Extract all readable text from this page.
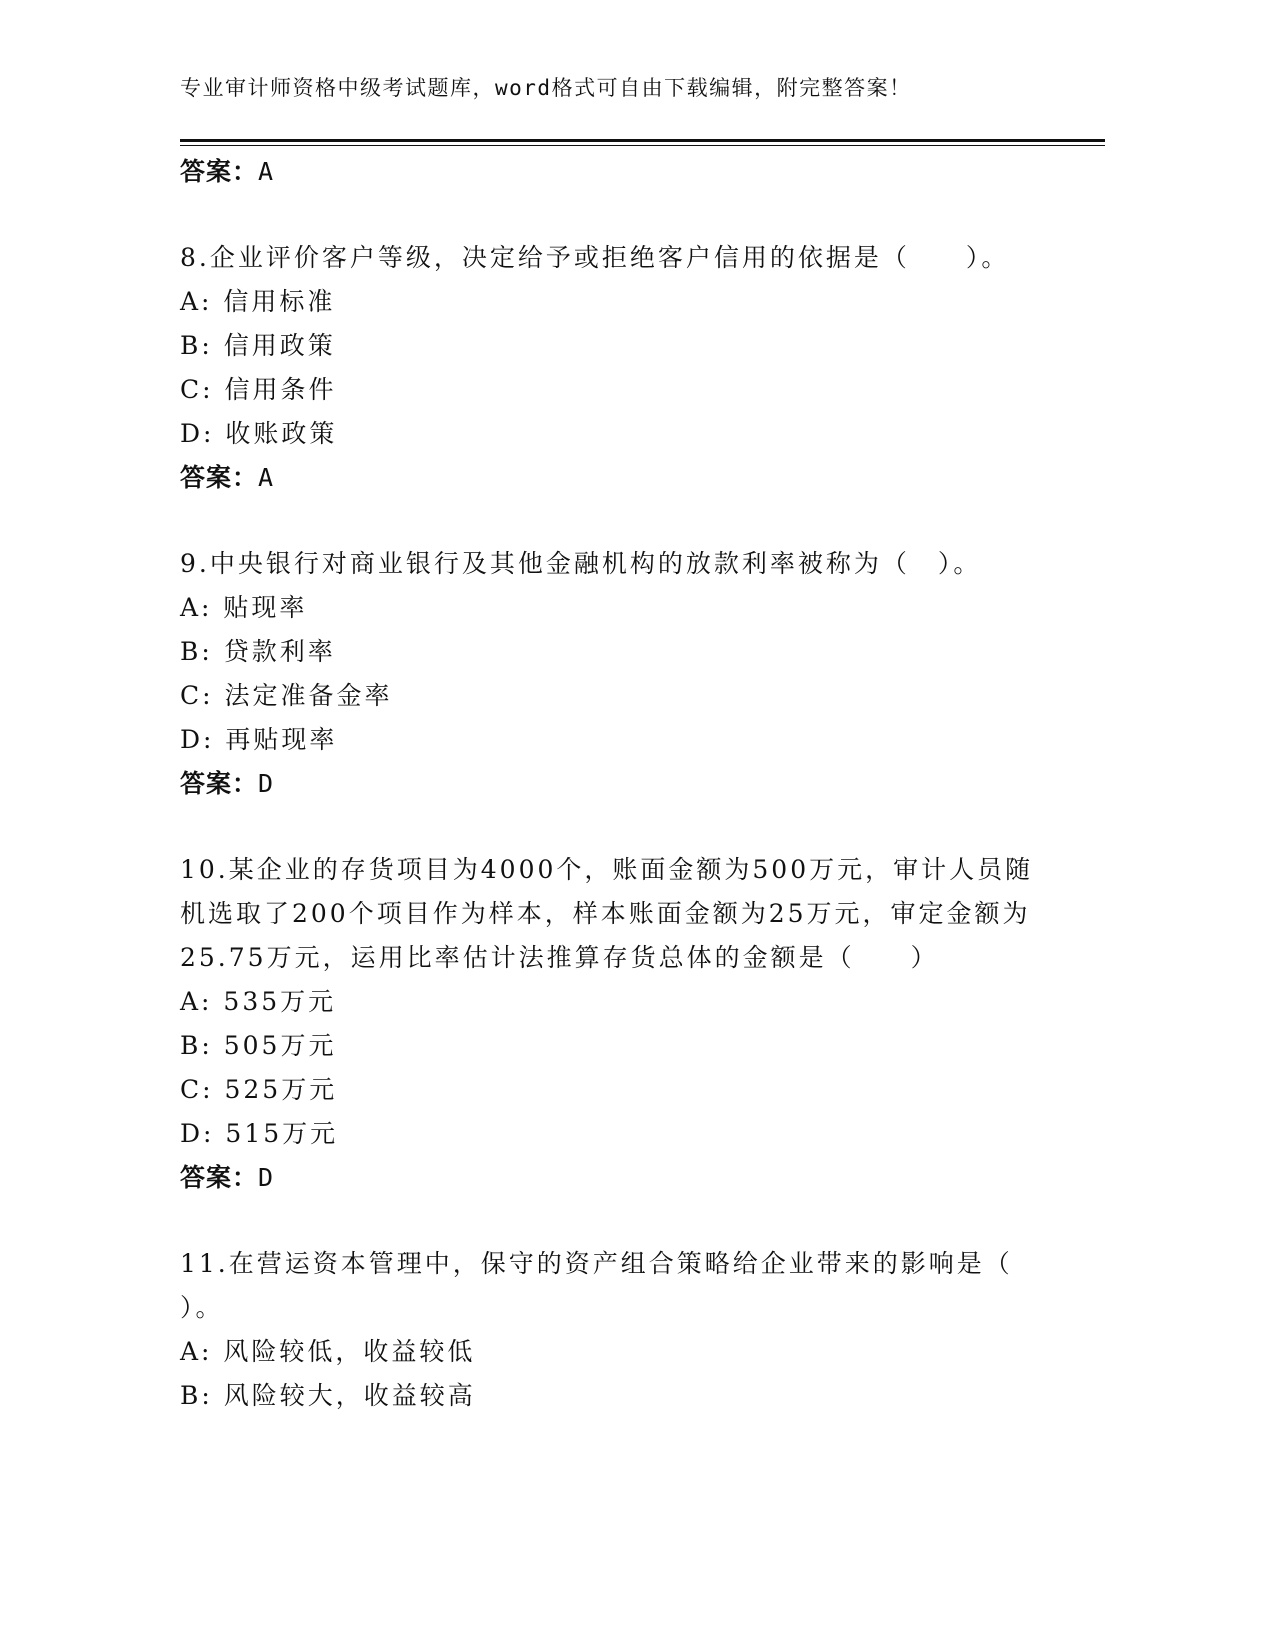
专业审计师资格中级考试题库，word格式可自由下载编辑，附完整答案！
答案：A
8.企业评价客户等级，决定给予或拒绝客户信用的依据是（　　）。
A: 信用标准
B: 信用政策
C: 信用条件
D: 收账政策
答案：A
9.中央银行对商业银行及其他金融机构的放款利率被称为（　）。
A: 贴现率
B: 贷款利率
C: 法定准备金率
D: 再贴现率
答案：D
10.某企业的存货项目为4000个，账面金额为500万元，审计人员随
机选取了200个项目作为样本，样本账面金额为25万元，审定金额为
25.75万元，运用比率估计法推算存货总体的金额是（　　）
A: 535万元
B: 505万元
C: 525万元
D: 515万元
答案：D
11.在营运资本管理中，保守的资产组合策略给企业带来的影响是（
）。
A: 风险较低，收益较低
B: 风险较大，收益较高
